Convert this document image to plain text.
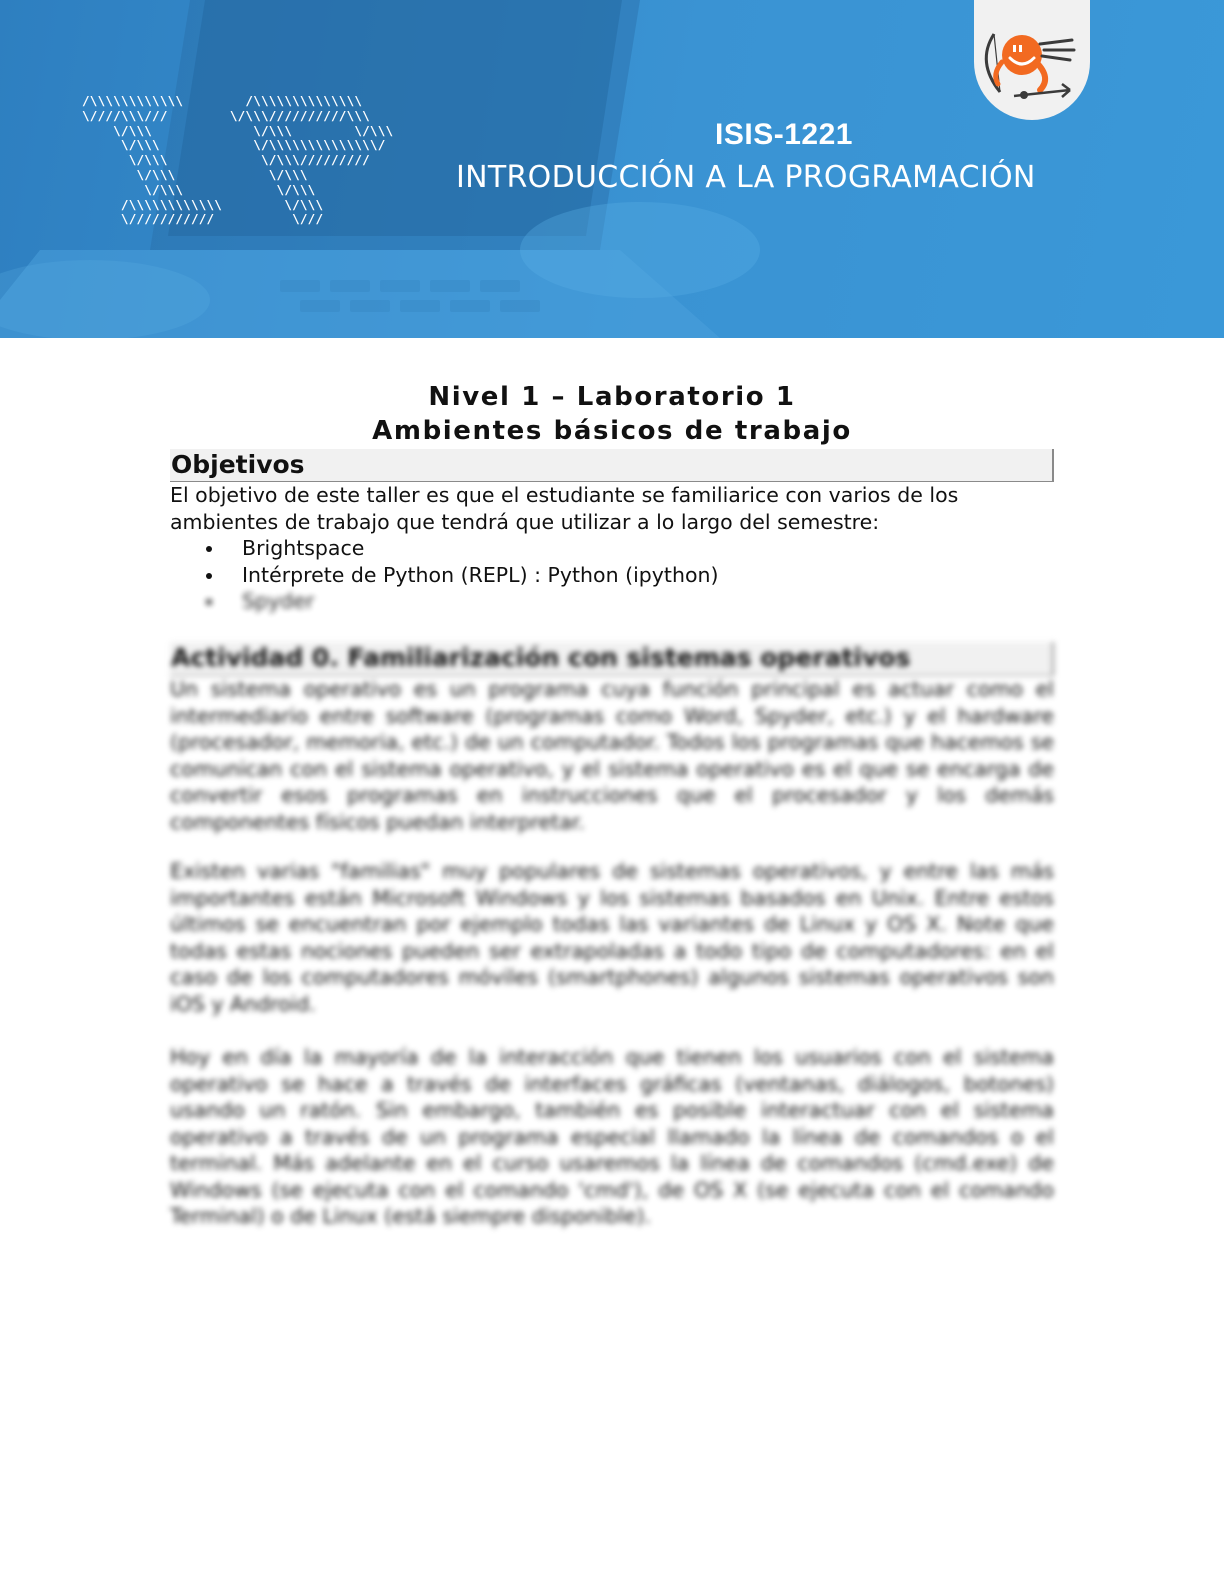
/\\\\\\\\\\\\        /\\\\\\\\\\\\\\
\////\\\///        \/\\\//////////\\\
\/\\\             \/\\\        \/\\\
\/\\\            \/\\\\\\\\\\\\\\/
\/\\\            \/\\\/////////
\/\\\            \/\\\
\/\\\            \/\\\
/\\\\\\\\\\\\        \/\\\
\///////////          \///
ISIS-1221
INTRODUCCIÓN A LA PROGRAMACIÓN
Nivel 1 – Laboratorio 1
Ambientes básicos de trabajo
Objetivos

El objetivo de este taller es que el estudiante se familiarice con varios de los ambientes de trabajo que tendrá que utilizar a lo largo del semestre:

Brightspace
Intérprete de Python (REPL) : Python (ipython)
Spyder
Actividad 0. Familiarización con sistemas operativos

Un sistema operativo es un programa cuya función principal es actuar como el intermediario entre software (programas como Word, Spyder, etc.) y el hardware (procesador, memoria, etc.) de un computador. Todos los programas que hacemos se comunican con el sistema operativo, y el sistema operativo es el que se encarga de convertir esos programas en instrucciones que el procesador y los demás componentes físicos puedan interpretar.

Existen varias "familias" muy populares de sistemas operativos, y entre las más importantes están Microsoft Windows y los sistemas basados en Unix. Entre estos últimos se encuentran por ejemplo todas las variantes de Linux y OS X. Note que todas estas nociones pueden ser extrapoladas a todo tipo de computadores: en el caso de los computadores móviles (smartphones) algunos sistemas operativos son iOS y Android.

Hoy en día la mayoría de la interacción que tienen los usuarios con el sistema operativo se hace a través de interfaces gráficas (ventanas, diálogos, botones) usando un ratón. Sin embargo, también es posible interactuar con el sistema operativo a través de un programa especial llamado la línea de comandos o el terminal. Más adelante en el curso usaremos la línea de comandos (cmd.exe) de Windows (se ejecuta con el comando 'cmd'), de OS X (se ejecuta con el comando Terminal) o de Linux (está siempre disponible).
